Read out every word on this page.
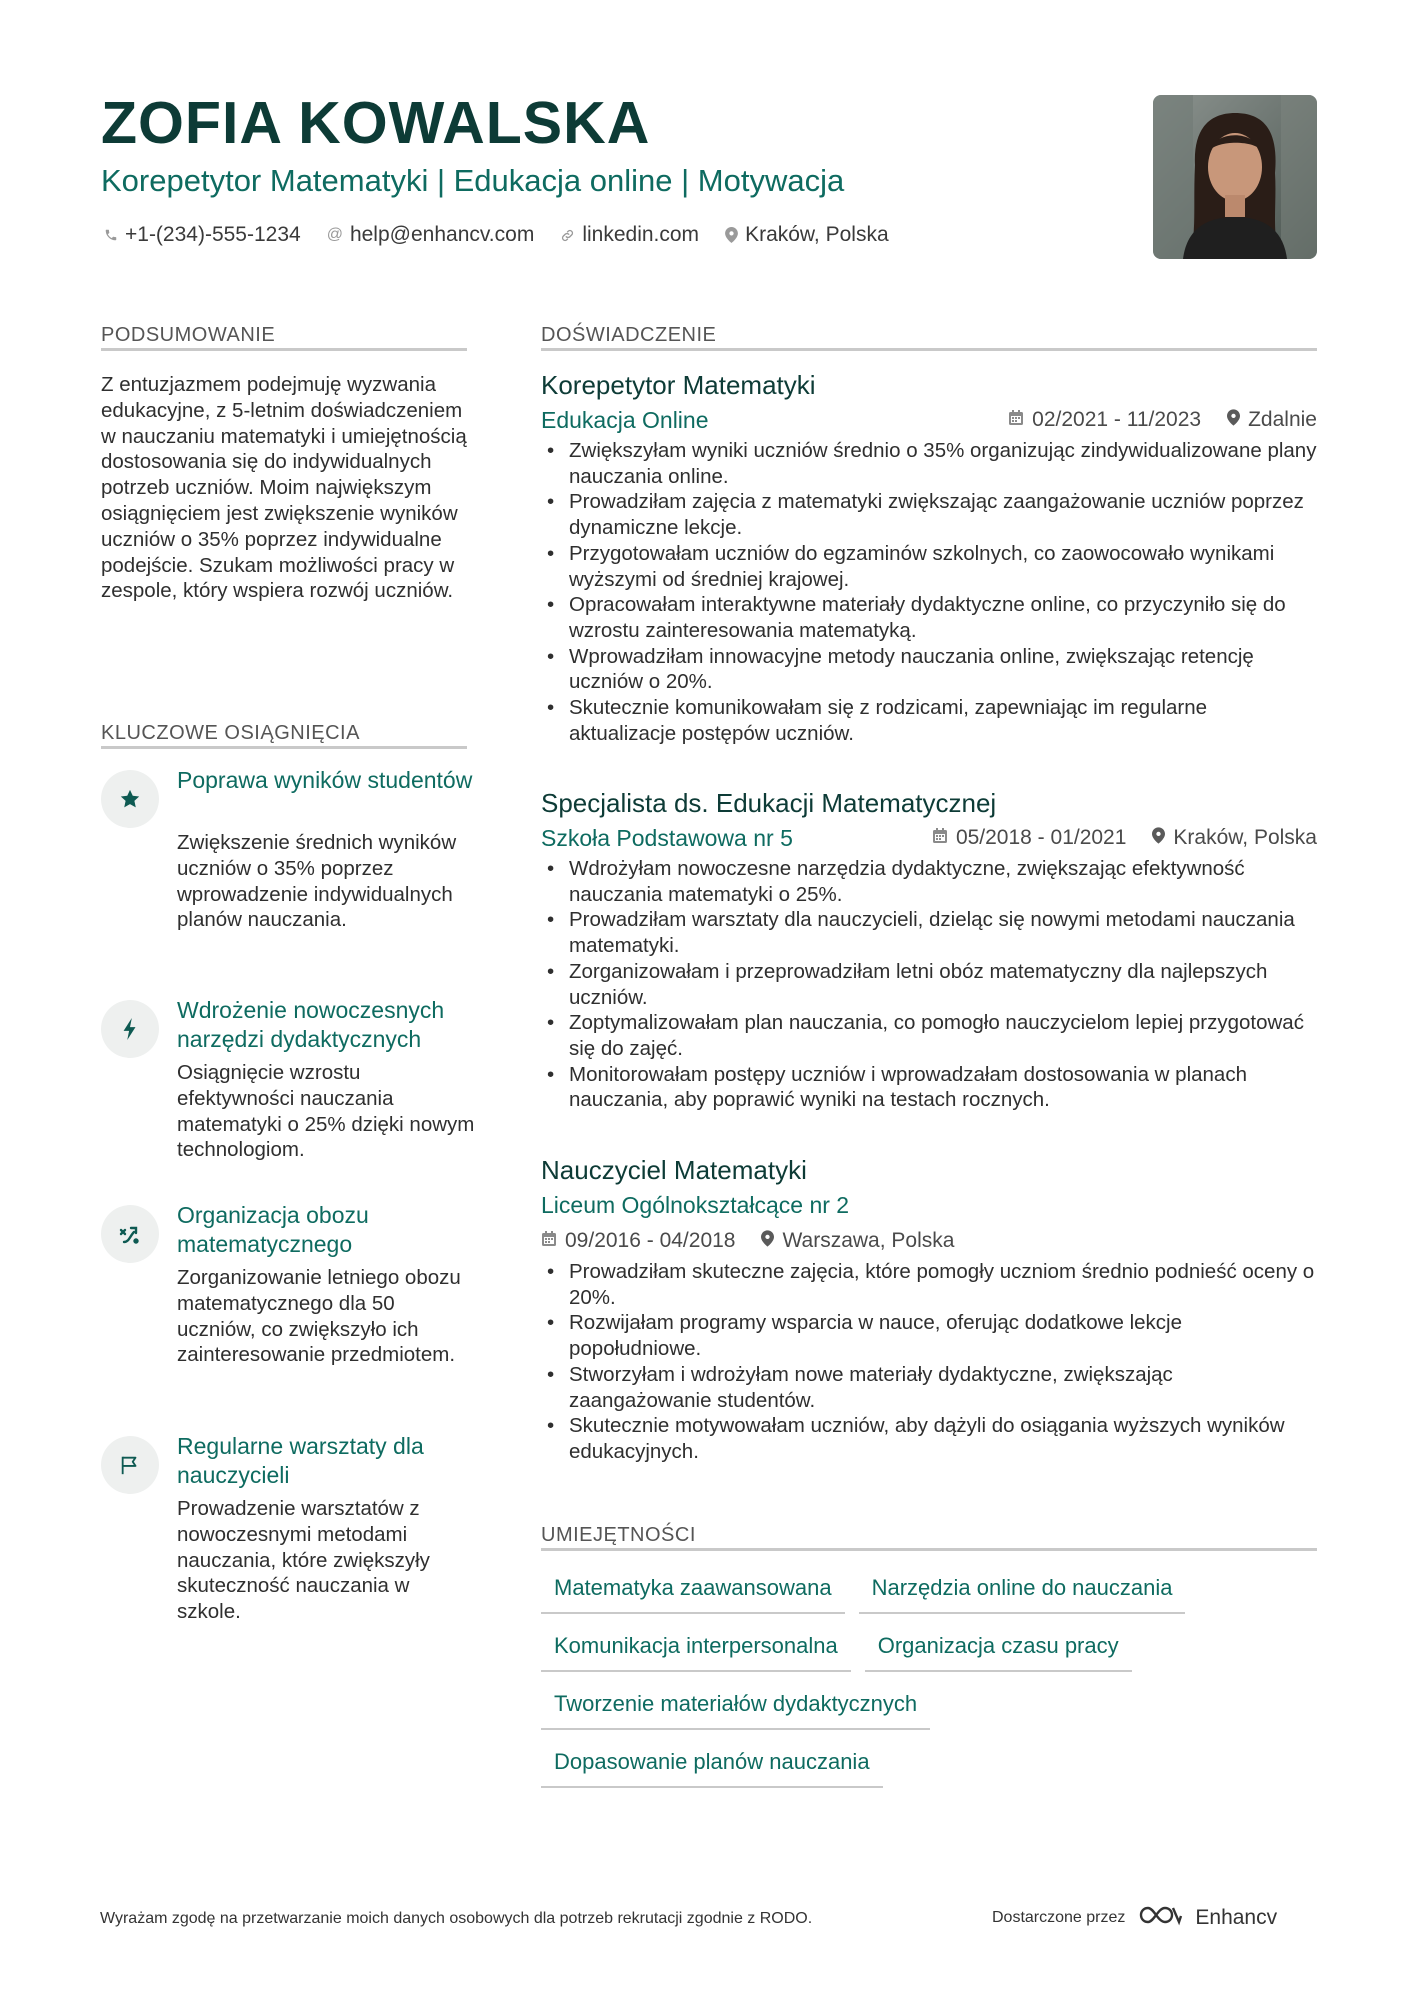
ZOFIA KOWALSKA
Korepetytor Matematyki | Edukacja online | Motywacja
+1-(234)-555-1234 @ help@enhancv.com linkedin.com Kraków, Polska
PODSUMOWANIE
Z entuzjazmem podejmuję wyzwania edukacyjne, z 5-letnim doświadczeniem w nauczaniu matematyki i umiejętnością dostosowania się do indywidualnych potrzeb uczniów. Moim największym osiągnięciem jest zwiększenie wyników uczniów o 35% poprzez indywidualne podejście. Szukam możliwości pracy w zespole, który wspiera rozwój uczniów.
KLUCZOWE OSIĄGNIĘCIA
Poprawa wyników studentów
Zwiększenie średnich wyników uczniów o 35% poprzez wprowadzenie indywidualnych planów nauczania.
Wdrożenie nowoczesnych narzędzi dydaktycznych
Osiągnięcie wzrostu efektywności nauczania matematyki o 25% dzięki nowym technologiom.
Organizacja obozu matematycznego
Zorganizowanie letniego obozu matematycznego dla 50 uczniów, co zwiększyło ich zainteresowanie przedmiotem.
Regularne warsztaty dla nauczycieli
Prowadzenie warsztatów z nowoczesnymi metodami nauczania, które zwiększyły skuteczność nauczania w szkole.
DOŚWIADCZENIE
Korepetytor Matematyki
Edukacja Online	02/2021 - 11/2023 Zdalnie
• Zwiększyłam wyniki uczniów średnio o 35% organizując zindywidualizowane plany nauczania online.
• Prowadziłam zajęcia z matematyki zwiększając zaangażowanie uczniów poprzez dynamiczne lekcje.
• Przygotowałam uczniów do egzaminów szkolnych, co zaowocowało wynikami wyższymi od średniej krajowej.
• Opracowałam interaktywne materiały dydaktyczne online, co przyczyniło się do wzrostu zainteresowania matematyką.
• Wprowadziłam innowacyjne metody nauczania online, zwiększając retencję uczniów o 20%.
• Skutecznie komunikowałam się z rodzicami, zapewniając im regularne aktualizacje postępów uczniów.
Specjalista ds. Edukacji Matematycznej
Szkoła Podstawowa nr 5	05/2018 - 01/2021 Kraków, Polska
• Wdrożyłam nowoczesne narzędzia dydaktyczne, zwiększając efektywność nauczania matematyki o 25%.
• Prowadziłam warsztaty dla nauczycieli, dzieląc się nowymi metodami nauczania matematyki.
• Zorganizowałam i przeprowadziłam letni obóz matematyczny dla najlepszych uczniów.
• Zoptymalizowałam plan nauczania, co pomogło nauczycielom lepiej przygotować się do zajęć.
• Monitorowałam postępy uczniów i wprowadzałam dostosowania w planach nauczania, aby poprawić wyniki na testach rocznych.
Nauczyciel Matematyki
Liceum Ogólnokształcące nr 2
09/2016 - 04/2018 Warszawa, Polska
• Prowadziłam skuteczne zajęcia, które pomogły uczniom średnio podnieść oceny o 20%.
• Rozwijałam programy wsparcia w nauce, oferując dodatkowe lekcje popołudniowe.
• Stworzyłam i wdrożyłam nowe materiały dydaktyczne, zwiększając zaangażowanie studentów.
• Skutecznie motywowałam uczniów, aby dążyli do osiągania wyższych wyników edukacyjnych.
UMIEJĘTNOŚCI
Matematyka zaawansowana	Narzędzia online do nauczania
Komunikacja interpersonalna	Organizacja czasu pracy
Tworzenie materiałów dydaktycznych
Dopasowanie planów nauczania
Wyrażam zgodę na przetwarzanie moich danych osobowych dla potrzeb rekrutacji zgodnie z RODO.	Dostarczone przez	Enhancv
